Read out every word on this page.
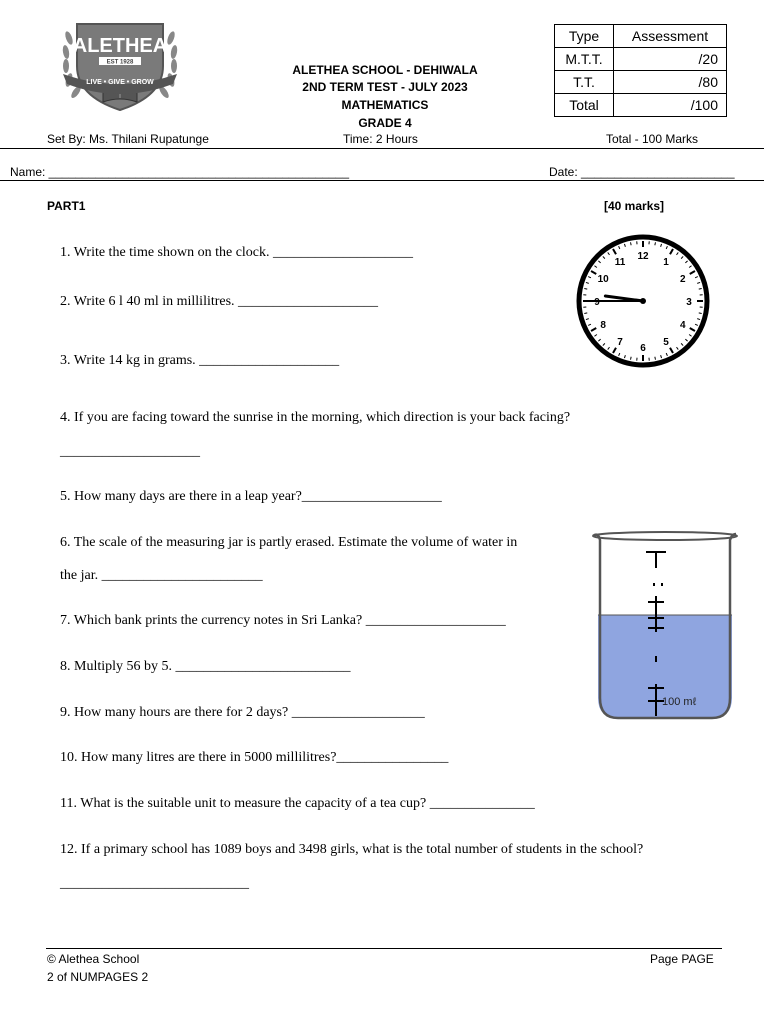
ALETHEA
EST 1928
LIVE • GIVE • GROW
ALETHEA SCHOOL - DEHIWALA
2ND TERM TEST - JULY 2023
MATHEMATICS
GRADE 4
Type	Assessment
M.T.T.	/20
T.T.	/80
Total	/100
Set By: Ms. Thilani Rupatunge	Time: 2 Hours	Total - 100 Marks
Name: _____________________________________________	Date: _______________________
PART1	[40 marks]
1. Write the time shown on the clock. ____________________
2. Write 6 l 40 ml in millilitres. ____________________
3. Write 14 kg in grams. ____________________
4. If you are facing toward the sunrise in the morning, which direction is your back facing?
____________________
5. How many days are there in a leap year?____________________
6. The scale of the measuring jar is partly erased. Estimate the volume of water in
the jar. _______________________
7. Which bank prints the currency notes in Sri Lanka? ____________________
8. Multiply 56 by 5. _________________________
9. How many hours are there for 2 days? ___________________
10. How many litres are there in 5000 millilitres?________________
11. What is the suitable unit to measure the capacity of a tea cup? _______________
12. If a primary school has 1089 boys and 3498 girls, what is the total number of students in the school?
___________________________
12
1
2
3
4
5
6
7
8
9
10
11
100 mℓ
© Alethea School	Page PAGE
2 of NUMPAGES 2
